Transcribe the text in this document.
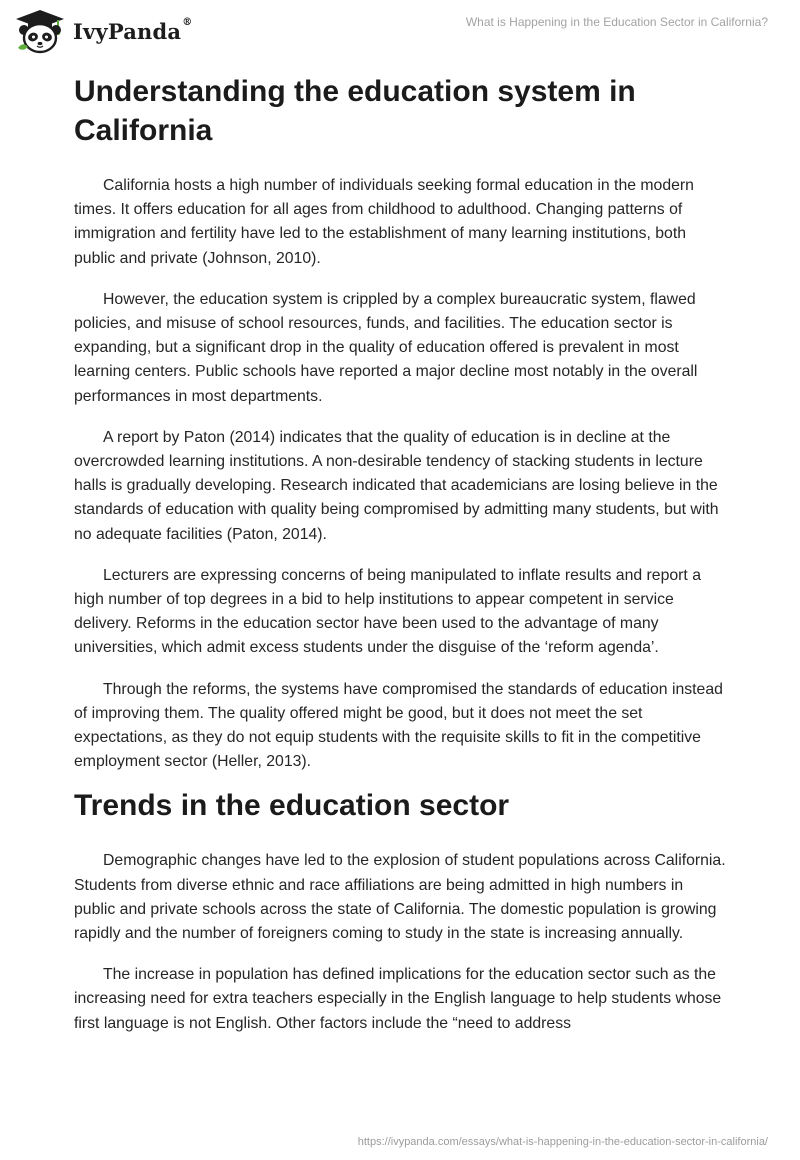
IvyPanda®	What is Happening in the Education Sector in California?
Understanding the education system in California

California hosts a high number of individuals seeking formal education in the modern times. It offers education for all ages from childhood to adulthood. Changing patterns of immigration and fertility have led to the establishment of many learning institutions, both public and private (Johnson, 2010).

However, the education system is crippled by a complex bureaucratic system, flawed policies, and misuse of school resources, funds, and facilities. The education sector is expanding, but a significant drop in the quality of education offered is prevalent in most learning centers. Public schools have reported a major decline most notably in the overall performances in most departments.

A report by Paton (2014) indicates that the quality of education is in decline at the overcrowded learning institutions. A non-desirable tendency of stacking students in lecture halls is gradually developing. Research indicated that academicians are losing believe in the standards of education with quality being compromised by admitting many students, but with no adequate facilities (Paton, 2014).

Lecturers are expressing concerns of being manipulated to inflate results and report a high number of top degrees in a bid to help institutions to appear competent in service delivery. Reforms in the education sector have been used to the advantage of many universities, which admit excess students under the disguise of the ‘reform agenda’.

Through the reforms, the systems have compromised the standards of education instead of improving them. The quality offered might be good, but it does not meet the set expectations, as they do not equip students with the requisite skills to fit in the competitive employment sector (Heller, 2013).

Trends in the education sector

Demographic changes have led to the explosion of student populations across California. Students from diverse ethnic and race affiliations are being admitted in high numbers in public and private schools across the state of California. The domestic population is growing rapidly and the number of foreigners coming to study in the state is increasing annually.

The increase in population has defined implications for the education sector such as the increasing need for extra teachers especially in the English language to help students whose first language is not English. Other factors include the “need to address

https://ivypanda.com/essays/what-is-happening-in-the-education-sector-in-california/
